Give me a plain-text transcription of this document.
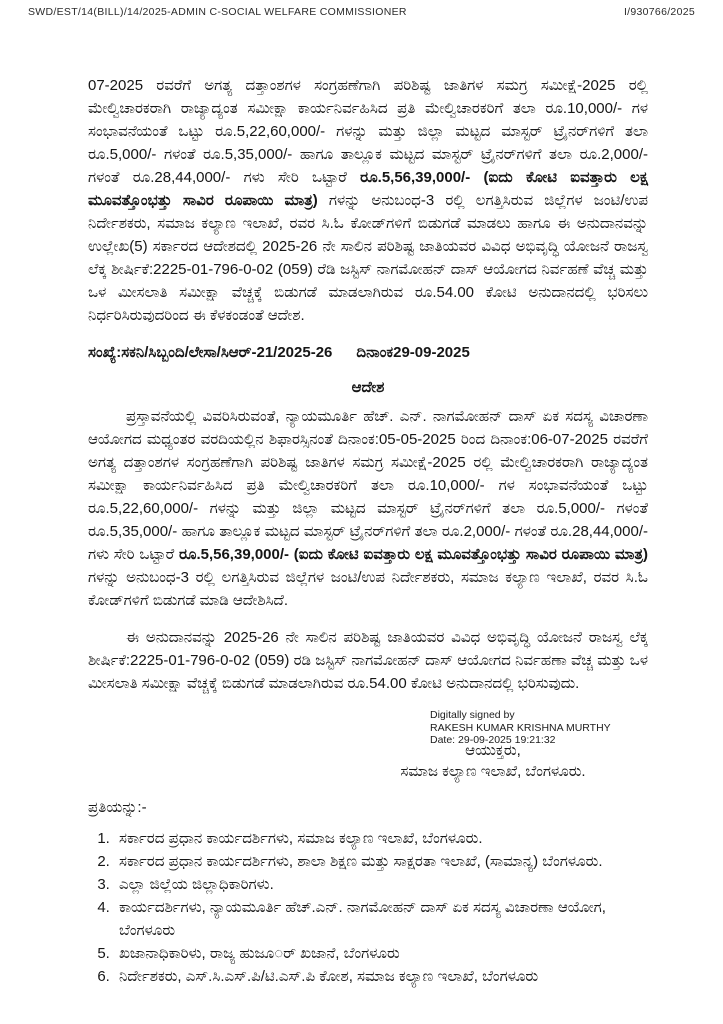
SWD/EST/14(BILL)/14/2025-ADMIN C-SOCIAL WELFARE COMMISSIONER	I/930766/2025

07-2025 ರವರೆಗೆ ಅಗತ್ಯ ದತ್ತಾಂಶಗಳ ಸಂಗ್ರಹಣೆಗಾಗಿ ಪರಿಶಿಷ್ಟ ಜಾತಿಗಳ ಸಮಗ್ರ ಸಮೀಕ್ಷೆ-2025 ರಲ್ಲಿ ಮೇಲ್ವಿಚಾರಕರಾಗಿ ರಾಜ್ಯಾದ್ಯಂತ ಸಮೀಕ್ಷಾ ಕಾರ್ಯನಿರ್ವಹಿಸಿದ ಪ್ರತಿ ಮೇಲ್ವಿಚಾರಕರಿಗೆ ತಲಾ ರೂ.10,000/- ಗಳ ಸಂಭಾವನೆಯಂತೆ ಒಟ್ಟು ರೂ.5,22,60,000/- ಗಳನ್ನು ಮತ್ತು ಜಿಲ್ಲಾ ಮಟ್ಟದ ಮಾಸ್ಟರ್ ಟ್ರೈನರ್‌ಗಳಿಗೆ ತಲಾ ರೂ.5,000/- ಗಳಂತೆ ರೂ.5,35,000/- ಹಾಗೂ ತಾಲ್ಲೂಕ ಮಟ್ಟದ ಮಾಸ್ಟರ್ ಟ್ರೈನರ್‌ಗಳಿಗೆ ತಲಾ ರೂ.2,000/- ಗಳಂತೆ ರೂ.28,44,000/- ಗಳು ಸೇರಿ ಒಟ್ಟಾರೆ ರೂ.5,56,39,000/- (ಐದು ಕೋಟಿ ಐವತ್ತಾರು ಲಕ್ಷ ಮೂವತ್ತೊಂಭತ್ತು ಸಾವಿರ ರೂಪಾಯಿ ಮಾತ್ರ) ಗಳನ್ನು ಅನುಬಂಧ-3 ರಲ್ಲಿ ಲಗತ್ತಿಸಿರುವ ಜಿಲ್ಲೆಗಳ ಜಂಟಿ/ಉಪ ನಿರ್ದೇಶಕರು, ಸಮಾಜ ಕಲ್ಯಾಣ ಇಲಾಖೆ, ರವರ ಸಿ.ಓ ಕೋಡ್‌ಗಳಿಗೆ ಬಿಡುಗಡೆ ಮಾಡಲು ಹಾಗೂ ಈ ಅನುದಾನವನ್ನು ಉಲ್ಲೇಖ(5) ಸರ್ಕಾರದ ಆದೇಶದಲ್ಲಿ 2025-26 ನೇ ಸಾಲಿನ ಪರಿಶಿಷ್ಟ ಜಾತಿಯವರ ವಿವಿಧ ಅಭಿವೃದ್ಧಿ ಯೋಜನೆ ರಾಜಸ್ವ ಲೆಕ್ಕ ಶೀರ್ಷಿಕೆ:2225-01-796-0-02 (059) ರೆಡಿ ಜಸ್ಟಿಸ್ ನಾಗಮೋಹನ್ ದಾಸ್ ಆಯೋಗದ ನಿರ್ವಹಣೆ ವೆಚ್ಚ ಮತ್ತು ಒಳ ಮೀಸಲಾತಿ ಸಮೀಕ್ಷಾ ವೆಚ್ಚಕ್ಕೆ ಬಿಡುಗಡೆ ಮಾಡಲಾಗಿರುವ ರೂ.54.00 ಕೋಟಿ ಅನುದಾನದಲ್ಲಿ ಭರಿಸಲು ನಿರ್ಧರಿಸಿರುವುದರಿಂದ ಈ ಕೆಳಕಂಡಂತೆ ಆದೇಶ.

ಸಂಖ್ಯೆ:ಸಕನಿ/ಸಿಬ್ಬಂದಿ/ಲೇಸಾ/ಸಿಆರ್-21/2025-26 ದಿನಾಂಕ29-09-2025

ಆದೇಶ

ಪ್ರಸ್ತಾವನೆಯಲ್ಲಿ ವಿವರಿಸಿರುವಂತೆ, ನ್ಯಾಯಮೂರ್ತಿ ಹೆಚ್. ಎನ್. ನಾಗಮೋಹನ್ ದಾಸ್ ಏಕ ಸದಸ್ಯ ವಿಚಾರಣಾ ಆಯೋಗದ ಮಧ್ಯಂತರ ವರದಿಯಲ್ಲಿನ ಶಿಫಾರಸ್ಸಿನಂತೆ ದಿನಾಂಕ:05-05-2025 ರಿಂದ ದಿನಾಂಕ:06-07-2025 ರವರೆಗೆ ಅಗತ್ಯ ದತ್ತಾಂಶಗಳ ಸಂಗ್ರಹಣೆಗಾಗಿ ಪರಿಶಿಷ್ಟ ಜಾತಿಗಳ ಸಮಗ್ರ ಸಮೀಕ್ಷೆ-2025 ರಲ್ಲಿ ಮೇಲ್ವಿಚಾರಕರಾಗಿ ರಾಜ್ಯಾದ್ಯಂತ ಸಮೀಕ್ಷಾ ಕಾರ್ಯನಿರ್ವಹಿಸಿದ ಪ್ರತಿ ಮೇಲ್ವಿಚಾರಕರಿಗೆ ತಲಾ ರೂ.10,000/- ಗಳ ಸಂಭಾವನೆಯಂತೆ ಒಟ್ಟು ರೂ.5,22,60,000/- ಗಳನ್ನು ಮತ್ತು ಜಿಲ್ಲಾ ಮಟ್ಟದ ಮಾಸ್ಟರ್ ಟ್ರೈನರ್‌ಗಳಿಗೆ ತಲಾ ರೂ.5,000/- ಗಳಂತೆ ರೂ.5,35,000/- ಹಾಗೂ ತಾಲ್ಲೂಕ ಮಟ್ಟದ ಮಾಸ್ಟರ್ ಟ್ರೈನರ್‌ಗಳಿಗೆ ತಲಾ ರೂ.2,000/- ಗಳಂತೆ ರೂ.28,44,000/- ಗಳು ಸೇರಿ ಒಟ್ಟಾರೆ ರೂ.5,56,39,000/- (ಐದು ಕೋಟಿ ಐವತ್ತಾರು ಲಕ್ಷ ಮೂವತ್ತೊಂಭತ್ತು ಸಾವಿರ ರೂಪಾಯಿ ಮಾತ್ರ) ಗಳನ್ನು ಅನುಬಂಧ-3 ರಲ್ಲಿ ಲಗತ್ತಿಸಿರುವ ಜಿಲ್ಲೆಗಳ ಜಂಟಿ/ಉಪ ನಿರ್ದೇಶಕರು, ಸಮಾಜ ಕಲ್ಯಾಣ ಇಲಾಖೆ, ರವರ ಸಿ.ಓ ಕೋಡ್‌ಗಳಿಗೆ ಬಿಡುಗಡೆ ಮಾಡಿ ಆದೇಶಿಸಿದೆ.

ಈ ಅನುದಾನವನ್ನು 2025-26 ನೇ ಸಾಲಿನ ಪರಿಶಿಷ್ಟ ಜಾತಿಯವರ ವಿವಿಧ ಅಭಿವೃದ್ಧಿ ಯೋಜನೆ ರಾಜಸ್ವ ಲೆಕ್ಕ ಶೀರ್ಷಿಕೆ:2225-01-796-0-02 (059) ರಡಿ ಜಸ್ಟಿಸ್ ನಾಗಮೋಹನ್ ದಾಸ್ ಆಯೋಗದ ನಿರ್ವಹಣಾ ವೆಚ್ಚ ಮತ್ತು ಒಳ ಮೀಸಲಾತಿ ಸಮೀಕ್ಷಾ ವೆಚ್ಚಕ್ಕೆ ಬಿಡುಗಡೆ ಮಾಡಲಾಗಿರುವ ರೂ.54.00 ಕೋಟಿ ಅನುದಾನದಲ್ಲಿ ಭರಿಸುವುದು.

Digitally signed by
RAKESH KUMAR KRISHNA MURTHY
Date: 29-09-2025 19:21:32
ಆಯುಕ್ತರು,
ಸಮಾಜ ಕಲ್ಯಾಣ ಇಲಾಖೆ, ಬೆಂಗಳೂರು.

ಪ್ರತಿಯನ್ನು:-

1. ಸರ್ಕಾರದ ಪ್ರಧಾನ ಕಾರ್ಯದರ್ಶಿಗಳು, ಸಮಾಜ ಕಲ್ಯಾಣ ಇಲಾಖೆ, ಬೆಂಗಳೂರು.
2. ಸರ್ಕಾರದ ಪ್ರಧಾನ ಕಾರ್ಯದರ್ಶಿಗಳು, ಶಾಲಾ ಶಿಕ್ಷಣ ಮತ್ತು ಸಾಕ್ಷರತಾ ಇಲಾಖೆ, (ಸಾಮಾನ್ಯ) ಬೆಂಗಳೂರು.
3. ಎಲ್ಲಾ ಜಿಲ್ಲೆಯ ಜಿಲ್ಲಾಧಿಕಾರಿಗಳು.
4. ಕಾರ್ಯದರ್ಶಿಗಳು, ನ್ಯಾಯಮೂರ್ತಿ ಹೆಚ್.ಎನ್. ನಾಗಮೋಹನ್ ದಾಸ್ ಏಕ ಸದಸ್ಯ ವಿಚಾರಣಾ ಆಯೋಗ, ಬೆಂಗಳೂರು
5. ಖಜಾನಾಧಿಕಾರಿಳು, ರಾಜ್ಯ ಹುಜೂ◌ರ್ ಖಜಾನೆ, ಬೆಂಗಳೂರು
6. ನಿರ್ದೇಶಕರು, ಎಸ್.ಸಿ.ಎಸ್.ಪಿ/ಟಿ.ಎಸ್.ಪಿ ಕೋಶ, ಸಮಾಜ ಕಲ್ಯಾಣ ಇಲಾಖೆ, ಬೆಂಗಳೂರು
